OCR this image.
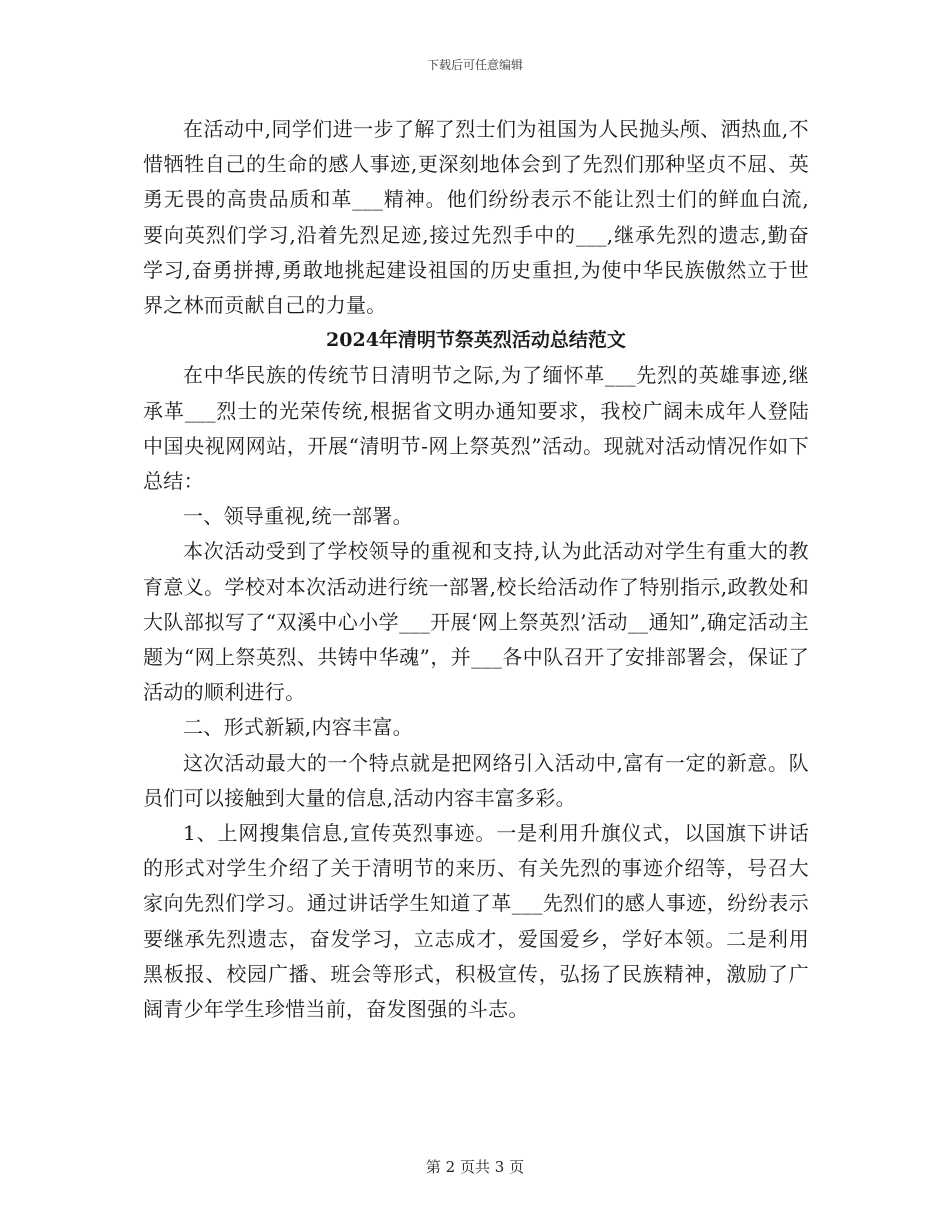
下载后可任意编辑

在活动中,同学们进一步了解了烈士们为祖国为人民抛头颅、洒热血,不惜牺牲自己的生命的感人事迹,更深刻地体会到了先烈们那种坚贞不屈、英勇无畏的高贵品质和革___精神。他们纷纷表示不能让烈士们的鲜血白流,要向英烈们学习,沿着先烈足迹,接过先烈手中的___,继承先烈的遗志,勤奋学习,奋勇拼搏,勇敢地挑起建设祖国的历史重担,为使中华民族傲然立于世界之林而贡献自己的力量。

2024年清明节祭英烈活动总结范文

在中华民族的传统节日清明节之际,为了缅怀革___先烈的英雄事迹,继承革___烈士的光荣传统,根据省文明办通知要求，我校广阔未成年人登陆中国央视网网站，开展“清明节-网上祭英烈”活动。现就对活动情况作如下总结：

一、领导重视,统一部署。

本次活动受到了学校领导的重视和支持,认为此活动对学生有重大的教育意义。学校对本次活动进行统一部署,校长给活动作了特别指示,政教处和大队部拟写了“双溪中心小学___开展‘网上祭英烈’活动__通知”,确定活动主题为“网上祭英烈、共铸中华魂”，并___各中队召开了安排部署会，保证了活动的顺利进行。

二、形式新颖,内容丰富。

这次活动最大的一个特点就是把网络引入活动中,富有一定的新意。队员们可以接触到大量的信息,活动内容丰富多彩。

1、上网搜集信息,宣传英烈事迹。一是利用升旗仪式，以国旗下讲话的形式对学生介绍了关于清明节的来历、有关先烈的事迹介绍等，号召大家向先烈们学习。通过讲话学生知道了革___先烈们的感人事迹，纷纷表示要继承先烈遗志，奋发学习，立志成才，爱国爱乡，学好本领。二是利用黑板报、校园广播、班会等形式，积极宣传，弘扬了民族精神，激励了广阔青少年学生珍惜当前，奋发图强的斗志。

第 2 页共 3 页
